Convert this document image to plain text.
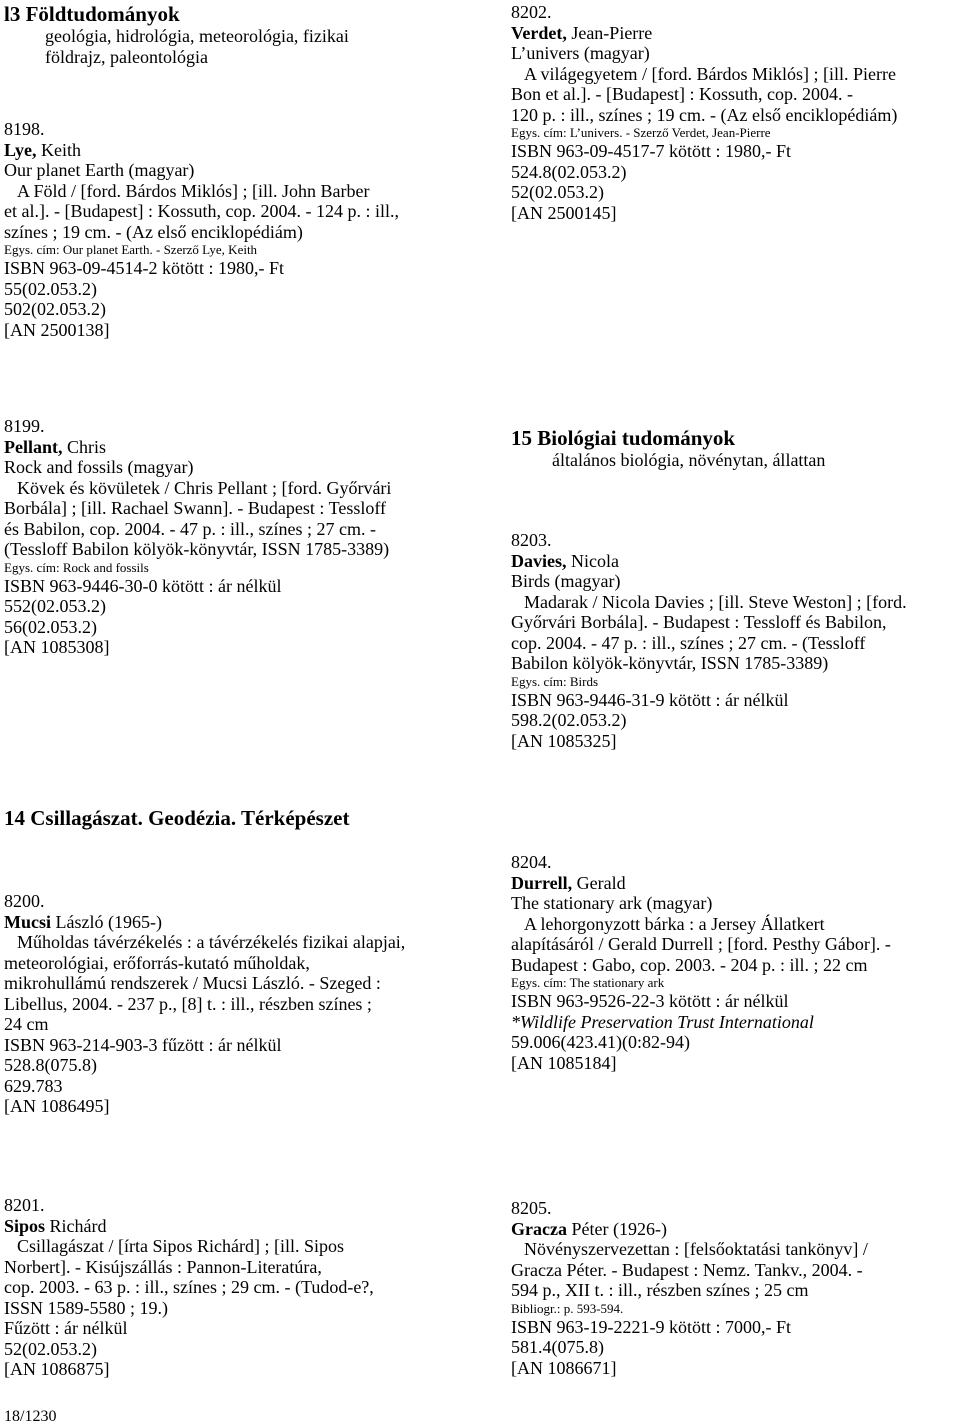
l3 Földtudományok
geológia, hidrológia, meteorológia, fizikai
földrajz, paleontológia
8198.
Lye, Keith
Our planet Earth (magyar)
A Föld / [ford. Bárdos Miklós] ; [ill. John Barber
et al.]. - [Budapest] : Kossuth, cop. 2004. - 124 p. : ill.,
színes ; 19 cm. - (Az első enciklopédiám)
Egys. cím: Our planet Earth. - Szerző Lye, Keith
ISBN 963-09-4514-2 kötött : 1980,- Ft
55(02.053.2)
502(02.053.2)
[AN 2500138]
8199.
Pellant, Chris
Rock and fossils (magyar)
Kövek és kövületek / Chris Pellant ; [ford. Győrvári
Borbála] ; [ill. Rachael Swann]. - Budapest : Tessloff
és Babilon, cop. 2004. - 47 p. : ill., színes ; 27 cm. -
(Tessloff Babilon kölyök-könyvtár, ISSN 1785-3389)
Egys. cím: Rock and fossils
ISBN 963-9446-30-0 kötött : ár nélkül
552(02.053.2)
56(02.053.2)
[AN 1085308]
14 Csillagászat. Geodézia. Térképészet
8200.
Mucsi László (1965-)
Műholdas távérzékelés : a távérzékelés fizikai alapjai,
meteorológiai, erőforrás-kutató műholdak,
mikrohullámú rendszerek / Mucsi László. - Szeged :
Libellus, 2004. - 237 p., [8] t. : ill., részben színes ;
24 cm
ISBN 963-214-903-3 fűzött : ár nélkül
528.8(075.8)
629.783
[AN 1086495]
8201.
Sipos Richárd
Csillagászat / [írta Sipos Richárd] ; [ill. Sipos
Norbert]. - Kisújszállás : Pannon-Literatúra,
cop. 2003. - 63 p. : ill., színes ; 29 cm. - (Tudod-e?,
ISSN 1589-5580 ; 19.)
Fűzött : ár nélkül
52(02.053.2)
[AN 1086875]
8202.
Verdet, Jean-Pierre
L’univers (magyar)
A világegyetem / [ford. Bárdos Miklós] ; [ill. Pierre
Bon et al.]. - [Budapest] : Kossuth, cop. 2004. -
120 p. : ill., színes ; 19 cm. - (Az első enciklopédiám)
Egys. cím: L’univers. - Szerző Verdet, Jean-Pierre
ISBN 963-09-4517-7 kötött : 1980,- Ft
524.8(02.053.2)
52(02.053.2)
[AN 2500145]
15 Biológiai tudományok
általános biológia, növénytan, állattan
8203.
Davies, Nicola
Birds (magyar)
Madarak / Nicola Davies ; [ill. Steve Weston] ; [ford.
Győrvári Borbála]. - Budapest : Tessloff és Babilon,
cop. 2004. - 47 p. : ill., színes ; 27 cm. - (Tessloff
Babilon kölyök-könyvtár, ISSN 1785-3389)
Egys. cím: Birds
ISBN 963-9446-31-9 kötött : ár nélkül
598.2(02.053.2)
[AN 1085325]
8204.
Durrell, Gerald
The stationary ark (magyar)
A lehorgonyzott bárka : a Jersey Állatkert
alapításáról / Gerald Durrell ; [ford. Pesthy Gábor]. -
Budapest : Gabo, cop. 2003. - 204 p. : ill. ; 22 cm
Egys. cím: The stationary ark
ISBN 963-9526-22-3 kötött : ár nélkül
*Wildlife Preservation Trust International
59.006(423.41)(0:82-94)
[AN 1085184]
8205.
Gracza Péter (1926-)
Növényszervezettan : [felsőoktatási tankönyv] /
Gracza Péter. - Budapest : Nemz. Tankv., 2004. -
594 p., XII t. : ill., részben színes ; 25 cm
Bibliogr.: p. 593-594.
ISBN 963-19-2221-9 kötött : 7000,- Ft
581.4(075.8)
[AN 1086671]
18/1230
